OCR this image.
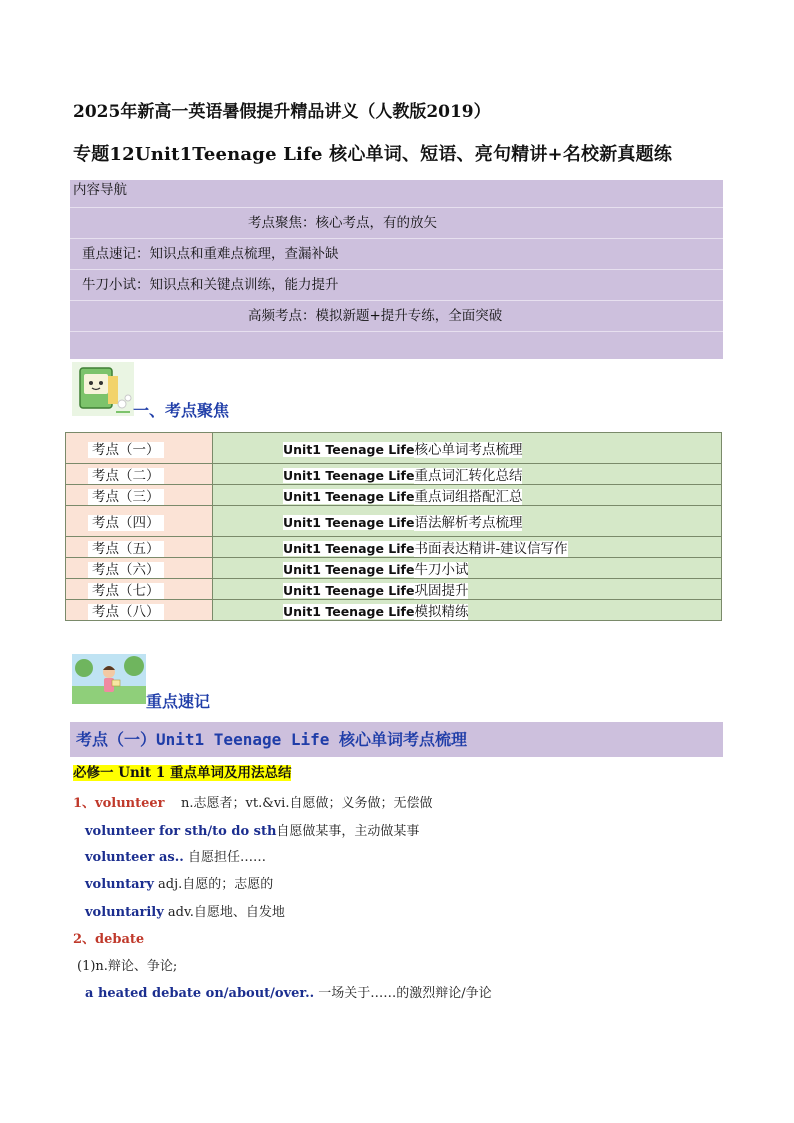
2025年新高一英语暑假提升精品讲义（人教版2019）
专题12Unit1Teenage Life 核心单词、短语、亮句精讲+名校新真题练
内容导航
考点聚焦：核心考点，有的放矢
重点速记：知识点和重难点梳理，查漏补缺
牛刀小试：知识点和关键点训练，能力提升
高频考点：模拟新题+提升专练，全面突破
一、考点聚焦
考点（一）	Unit1 Teenage Life核心单词考点梳理
考点（二）	Unit1 Teenage Life重点词汇转化总结
考点（三）	Unit1 Teenage Life重点词组搭配汇总
考点（四）	Unit1 Teenage Life语法解析考点梳理
考点（五）	Unit1 Teenage Life书面表达精讲-建议信写作
考点（六）	Unit1 Teenage Life牛刀小试
考点（七）	Unit1 Teenage Life巩固提升
考点（八）	Unit1 Teenage Life模拟精练
重点速记
考点（一）Unit1 Teenage Life 核心单词考点梳理
必修一 Unit 1 重点单词及用法总结
1、volunteer n.志愿者；vt.&vi.自愿做；义务做；无偿做
volunteer for sth/to do sth自愿做某事，主动做某事
volunteer as.. 自愿担任……
voluntary adj.自愿的；志愿的
voluntarily adv.自愿地、自发地
2、debate
(1)n.辩论、争论;
a heated debate on/about/over.. 一场关于……的激烈辩论/争论
